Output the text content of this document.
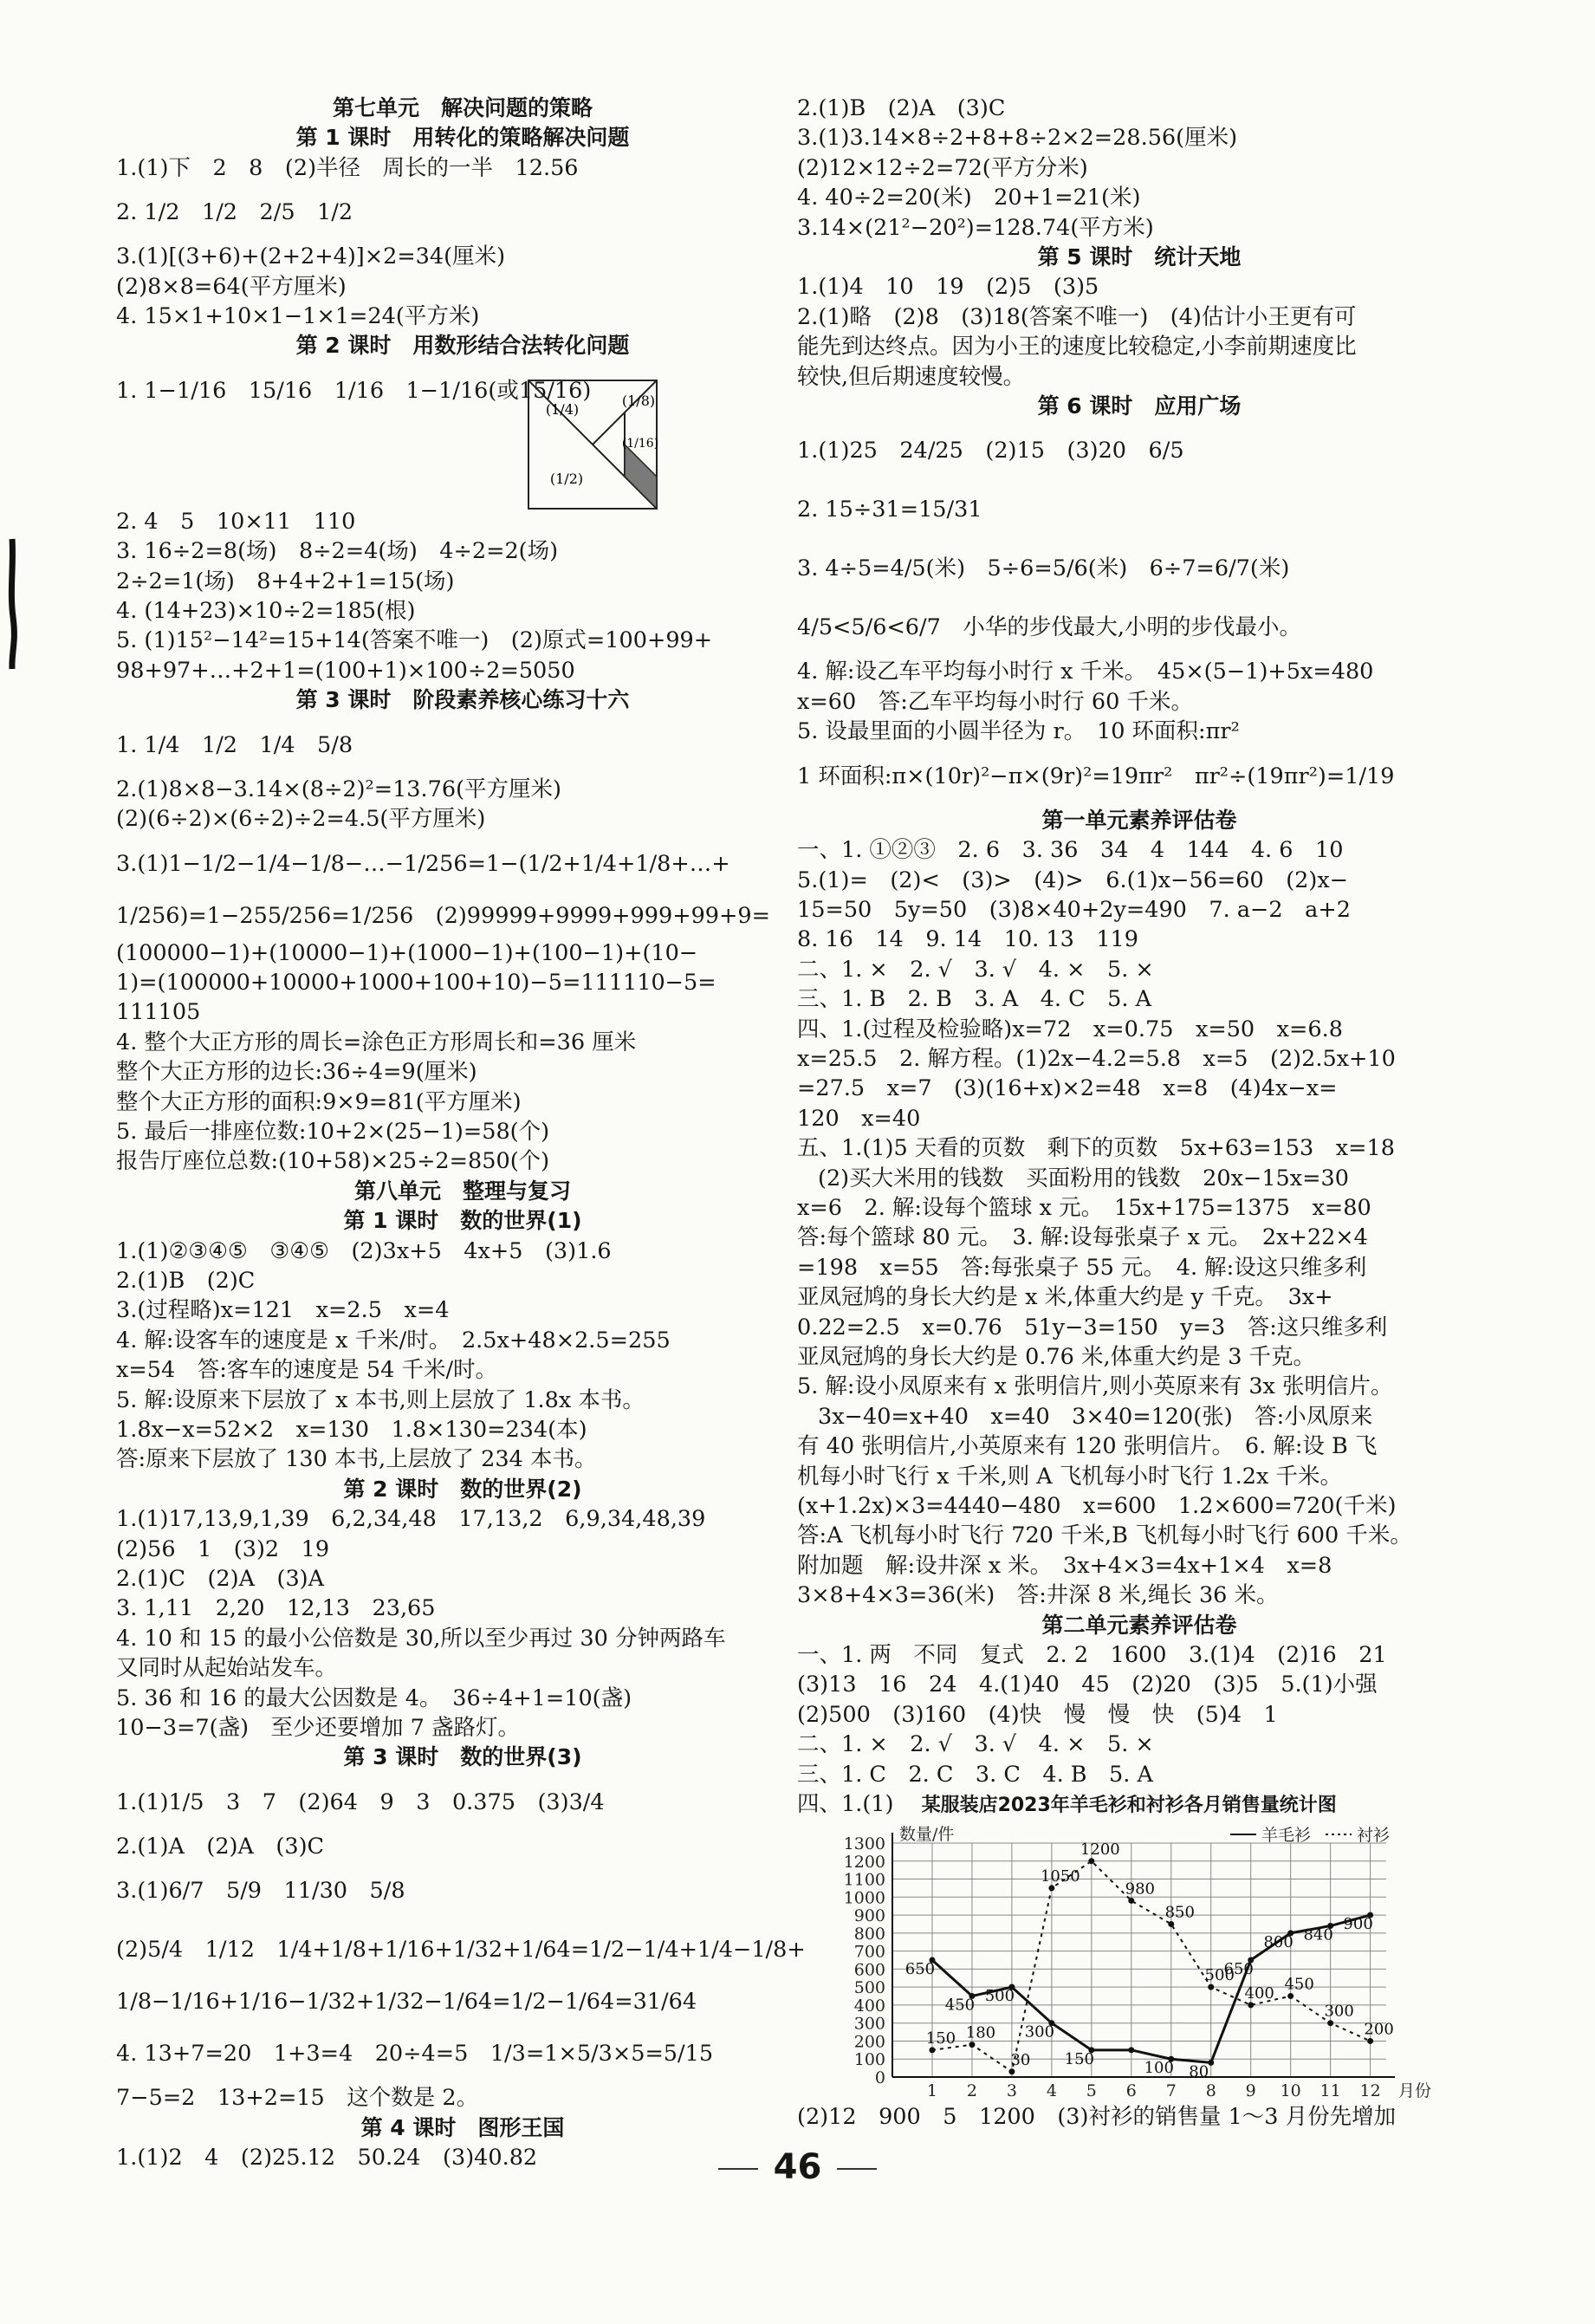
第七单元　解决问题的策略
第 1 课时　用转化的策略解决问题
1.(1)下　2　8　(2)半径　周长的一半　12.56
2. 1/2　1/2　2/5　1/2
3.(1)[(3+6)+(2+2+4)]×2=34(厘米)
(2)8×8=64(平方厘米)
4. 15×1+10×1−1×1=24(平方米)
第 2 课时　用数形结合法转化问题
1. 1−1/16　15/16　1/16　1−1/16(或15/16)
2. 4　5　10×11　110
3. 16÷2=8(场)　8÷2=4(场)　4÷2=2(场)
2÷2=1(场)　8+4+2+1=15(场)
4. (14+23)×10÷2=185(根)
5. (1)15²−14²=15+14(答案不唯一)　(2)原式=100+99+
98+97+…+2+1=(100+1)×100÷2=5050
第 3 课时　阶段素养核心练习十六
1. 1/4　1/2　1/4　5/8
2.(1)8×8−3.14×(8÷2)²=13.76(平方厘米)
(2)(6÷2)×(6÷2)÷2=4.5(平方厘米)
3.(1)1−1/2−1/4−1/8−…−1/256=1−(1/2+1/4+1/8+…+
1/256)=1−255/256=1/256　(2)99999+9999+999+99+9=
(100000−1)+(10000−1)+(1000−1)+(100−1)+(10−
1)=(100000+10000+1000+100+10)−5=111110−5=
111105
4. 整个大正方形的周长=涂色正方形周长和=36 厘米
整个大正方形的边长:36÷4=9(厘米)
整个大正方形的面积:9×9=81(平方厘米)
5. 最后一排座位数:10+2×(25−1)=58(个)
报告厅座位总数:(10+58)×25÷2=850(个)
第八单元　整理与复习
第 1 课时　数的世界(1)
1.(1)②③④⑤　③④⑤　(2)3x+5　4x+5　(3)1.6
2.(1)B　(2)C
3.(过程略)x=121　x=2.5　x=4
4. 解:设客车的速度是 x 千米/时。　2.5x+48×2.5=255
x=54　答:客车的速度是 54 千米/时。
5. 解:设原来下层放了 x 本书,则上层放了 1.8x 本书。
1.8x−x=52×2　x=130　1.8×130=234(本)
答:原来下层放了 130 本书,上层放了 234 本书。
第 2 课时　数的世界(2)
1.(1)17,13,9,1,39　6,2,34,48　17,13,2　6,9,34,48,39
(2)56　1　(3)2　19
2.(1)C　(2)A　(3)A
3. 1,11　2,20　12,13　23,65
4. 10 和 15 的最小公倍数是 30,所以至少再过 30 分钟两路车
又同时从起始站发车。
5. 36 和 16 的最大公因数是 4。　36÷4+1=10(盏)
10−3=7(盏)　至少还要增加 7 盏路灯。
第 3 课时　数的世界(3)
1.(1)1/5　3　7　(2)64　9　3　0.375　(3)3/4
2.(1)A　(2)A　(3)C
3.(1)6/7　5/9　11/30　5/8
(2)5/4　1/12　1/4+1/8+1/16+1/32+1/64=1/2−1/4+1/4−1/8+
1/8−1/16+1/16−1/32+1/32−1/64=1/2−1/64=31/64
4. 13+7=20　1+3=4　20÷4=5　1/3=1×5/3×5=5/15
7−5=2　13+2=15　这个数是 2。
第 4 课时　图形王国
1.(1)2　4　(2)25.12　50.24　(3)40.82
(1/4)
(1/8)
(1/16)
(1/2)
2.(1)B　(2)A　(3)C
3.(1)3.14×8÷2+8+8÷2×2=28.56(厘米)
(2)12×12÷2=72(平方分米)
4. 40÷2=20(米)　20+1=21(米)
3.14×(21²−20²)=128.74(平方米)
第 5 课时　统计天地
1.(1)4　10　19　(2)5　(3)5
2.(1)略　(2)8　(3)18(答案不唯一)　(4)估计小王更有可
能先到达终点。因为小王的速度比较稳定,小李前期速度比
较快,但后期速度较慢。
第 6 课时　应用广场
1.(1)25　24/25　(2)15　(3)20　6/5
2. 15÷31=15/31
3. 4÷5=4/5(米)　5÷6=5/6(米)　6÷7=6/7(米)
4/5<5/6<6/7　小华的步伐最大,小明的步伐最小。
4. 解:设乙车平均每小时行 x 千米。　45×(5−1)+5x=480
x=60　答:乙车平均每小时行 60 千米。
5. 设最里面的小圆半径为 r。　10 环面积:πr²
1 环面积:π×(10r)²−π×(9r)²=19πr²　πr²÷(19πr²)=1/19
第一单元素养评估卷
一、1. ①②③　2. 6　3. 36　34　4　144　4. 6　10
5.(1)=　(2)<　(3)>　(4)>　6.(1)x−56=60　(2)x−
15=50　5y=50　(3)8×40+2y=490　7. a−2　a+2
8. 16　14　9. 14　10. 13　119
二、1. ×　2. √　3. √　4. ×　5. ×
三、1. B　2. B　3. A　4. C　5. A
四、1.(过程及检验略)x=72　x=0.75　x=50　x=6.8
x=25.5　2. 解方程。(1)2x−4.2=5.8　x=5　(2)2.5x+10
=27.5　x=7　(3)(16+x)×2=48　x=8　(4)4x−x=
120　x=40
五、1.(1)5 天看的页数　剩下的页数　5x+63=153　x=18
(2)买大米用的钱数　买面粉用的钱数　20x−15x=30
x=6　2. 解:设每个篮球 x 元。　15x+175=1375　x=80
答:每个篮球 80 元。　3. 解:设每张桌子 x 元。　2x+22×4
=198　x=55　答:每张桌子 55 元。　4. 解:设这只维多利
亚凤冠鸠的身长大约是 x 米,体重大约是 y 千克。　3x+
0.22=2.5　x=0.76　51y−3=150　y=3　答:这只维多利
亚凤冠鸠的身长大约是 0.76 米,体重大约是 3 千克。
5. 解:设小凤原来有 x 张明信片,则小英原来有 3x 张明信片。
3x−40=x+40　x=40　3×40=120(张)　答:小凤原来
有 40 张明信片,小英原来有 120 张明信片。　6. 解:设 B 飞
机每小时飞行 x 千米,则 A 飞机每小时飞行 1.2x 千米。
(x+1.2x)×3=4440−480　x=600　1.2×600=720(千米)
答:A 飞机每小时飞行 720 千米,B 飞机每小时飞行 600 千米。
附加题　解:设井深 x 米。　3x+4×3=4x+1×4　x=8
3×8+4×3=36(米)　答:井深 8 米,绳长 36 米。
第二单元素养评估卷
一、1. 两　不同　复式　2. 2　1600　3.(1)4　(2)16　21
(3)13　16　24　4.(1)40　45　(2)20　(3)5　5.(1)小强
(2)500　(3)160　(4)快　慢　慢　快　(5)4　1
二、1. ×　2. √　3. √　4. ×　5. ×
三、1. C　2. C　3. C　4. B　5. A
四、1.(1) 某服装店2023年羊毛衫和衬衫各月销售量统计图
0
100
200
300
400
500
600
700
800
900
1000
1100
1200
1300
1 2 3 4 5 6 7 8 9 10 11 12
数量/件
月份
羊毛衫	衬衫
650
450 500
300
150	100 80
650
800 840
900
150 180
30
1050
1200
980
850
500
400 450
300
200
(2)12　900　5　1200　(3)衬衫的销售量 1～3 月份先增加
46
